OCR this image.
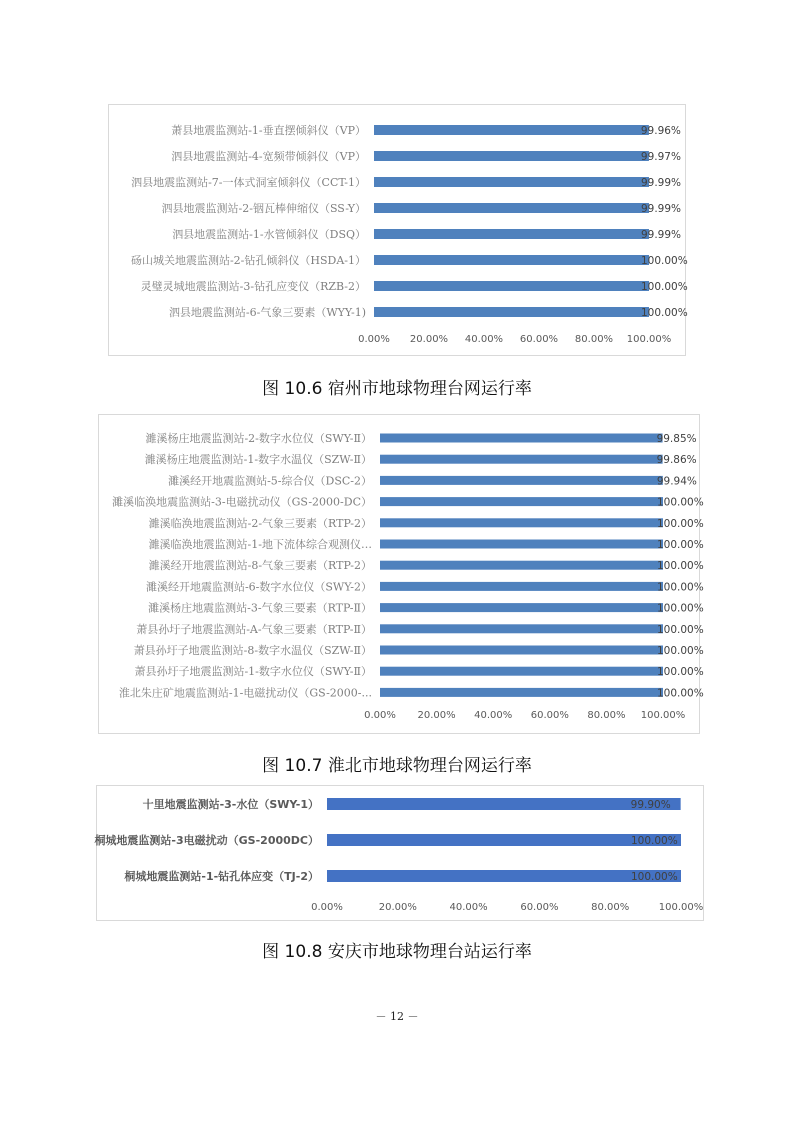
萧县地震监测站-1-垂直摆倾斜仪（VP）	99.96%
泗县地震监测站-4-宽频带倾斜仪（VP）	99.97%
泗县地震监测站-7-一体式洞室倾斜仪（CCT-1）	99.99%
泗县地震监测站-2-铟瓦棒伸缩仪（SS-Y）	99.99%
泗县地震监测站-1-水管倾斜仪（DSQ）	99.99%
砀山城关地震监测站-2-钻孔倾斜仪（HSDA-1）	100.00%
灵璧灵城地震监测站-3-钻孔应变仪（RZB-2）	100.00%
泗县地震监测站-6-气象三要素（WYY-1)	100.00%
0.00% 20.00% 40.00% 60.00% 80.00% 100.00%
图 10.6 宿州市地球物理台网运行率
濉溪杨庄地震监测站-2-数字水位仪（SWY-Ⅱ）	99.85%
濉溪杨庄地震监测站-1-数字水温仪（SZW-Ⅱ）	99.86%
濉溪经开地震监测站-5-综合仪（DSC-2）	99.94%
濉溪临涣地震监测站-3-电磁扰动仪（GS-2000-DC）	100.00%
濉溪临涣地震监测站-2-气象三要素（RTP-2）	100.00%
濉溪临涣地震监测站-1-地下流体综合观测仪…	100.00%
濉溪经开地震监测站-8-气象三要素（RTP-2）	100.00%
濉溪经开地震监测站-6-数字水位仪（SWY-2）	100.00%
濉溪杨庄地震监测站-3-气象三要素（RTP-Ⅱ）	100.00%
萧县孙圩子地震监测站-A-气象三要素（RTP-Ⅱ）	100.00%
萧县孙圩子地震监测站-8-数字水温仪（SZW-Ⅱ）	100.00%
萧县孙圩子地震监测站-1-数字水位仪（SWY-Ⅱ）	100.00%
淮北朱庄矿地震监测站-1-电磁扰动仪（GS-2000-...	100.00%
0.00% 20.00% 40.00% 60.00% 80.00% 100.00%
图 10.7 淮北市地球物理台网运行率
十里地震监测站-3-水位（SWY-1）	99.90%
桐城地震监测站-3电磁扰动（GS-2000DC）	100.00%
桐城地震监测站-1-钻孔体应变（TJ-2）	100.00%
0.00%	20.00%	40.00%	60.00%	80.00%	100.00%
图 10.8 安庆市地球物理台站运行率
－ 12 －
